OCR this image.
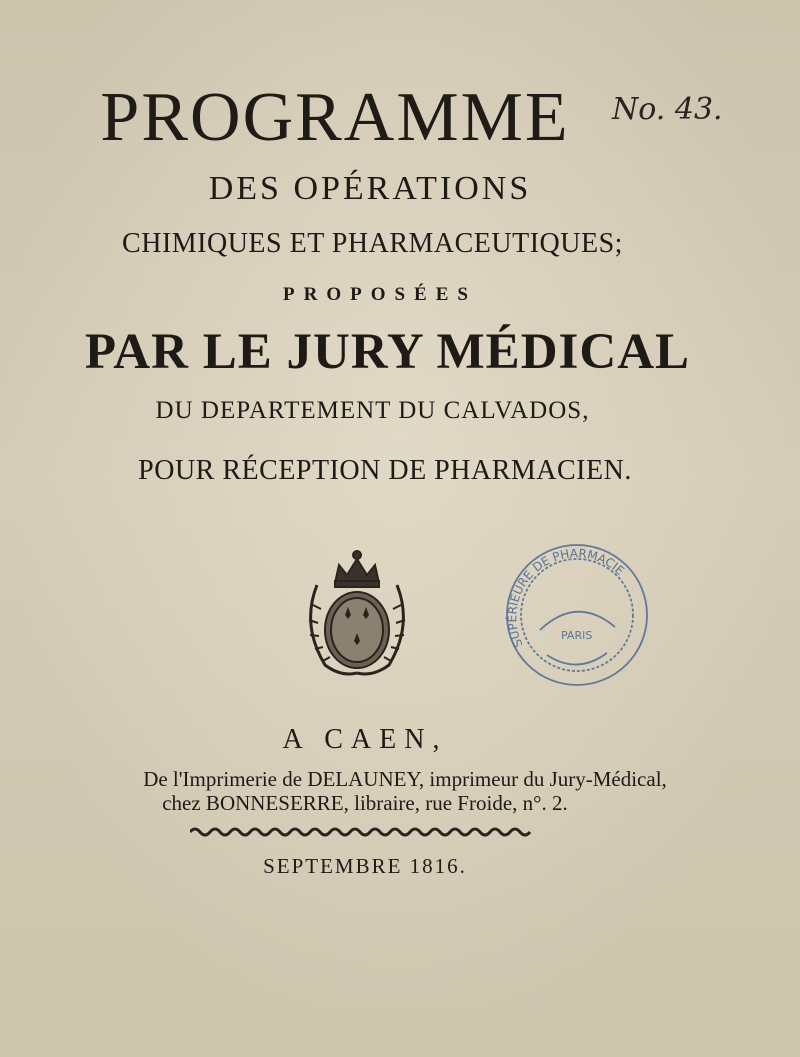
PROGRAMME	No. 43.
DES OPÉRATIONS
CHIMIQUES ET PHARMACEUTIQUES;
PROPOSÉES
PAR LE JURY MÉDICAL
DU DEPARTEMENT DU CALVADOS,
POUR RÉCEPTION DE PHARMACIEN.
SUPÉRIEURE DE PHARMACIE
PARIS
A CAEN,
De l'Imprimerie de DELAUNEY, imprimeur du Jury-Médical,
chez BONNESERRE, libraire, rue Froide, n°. 2.
SEPTEMBRE 1816.
